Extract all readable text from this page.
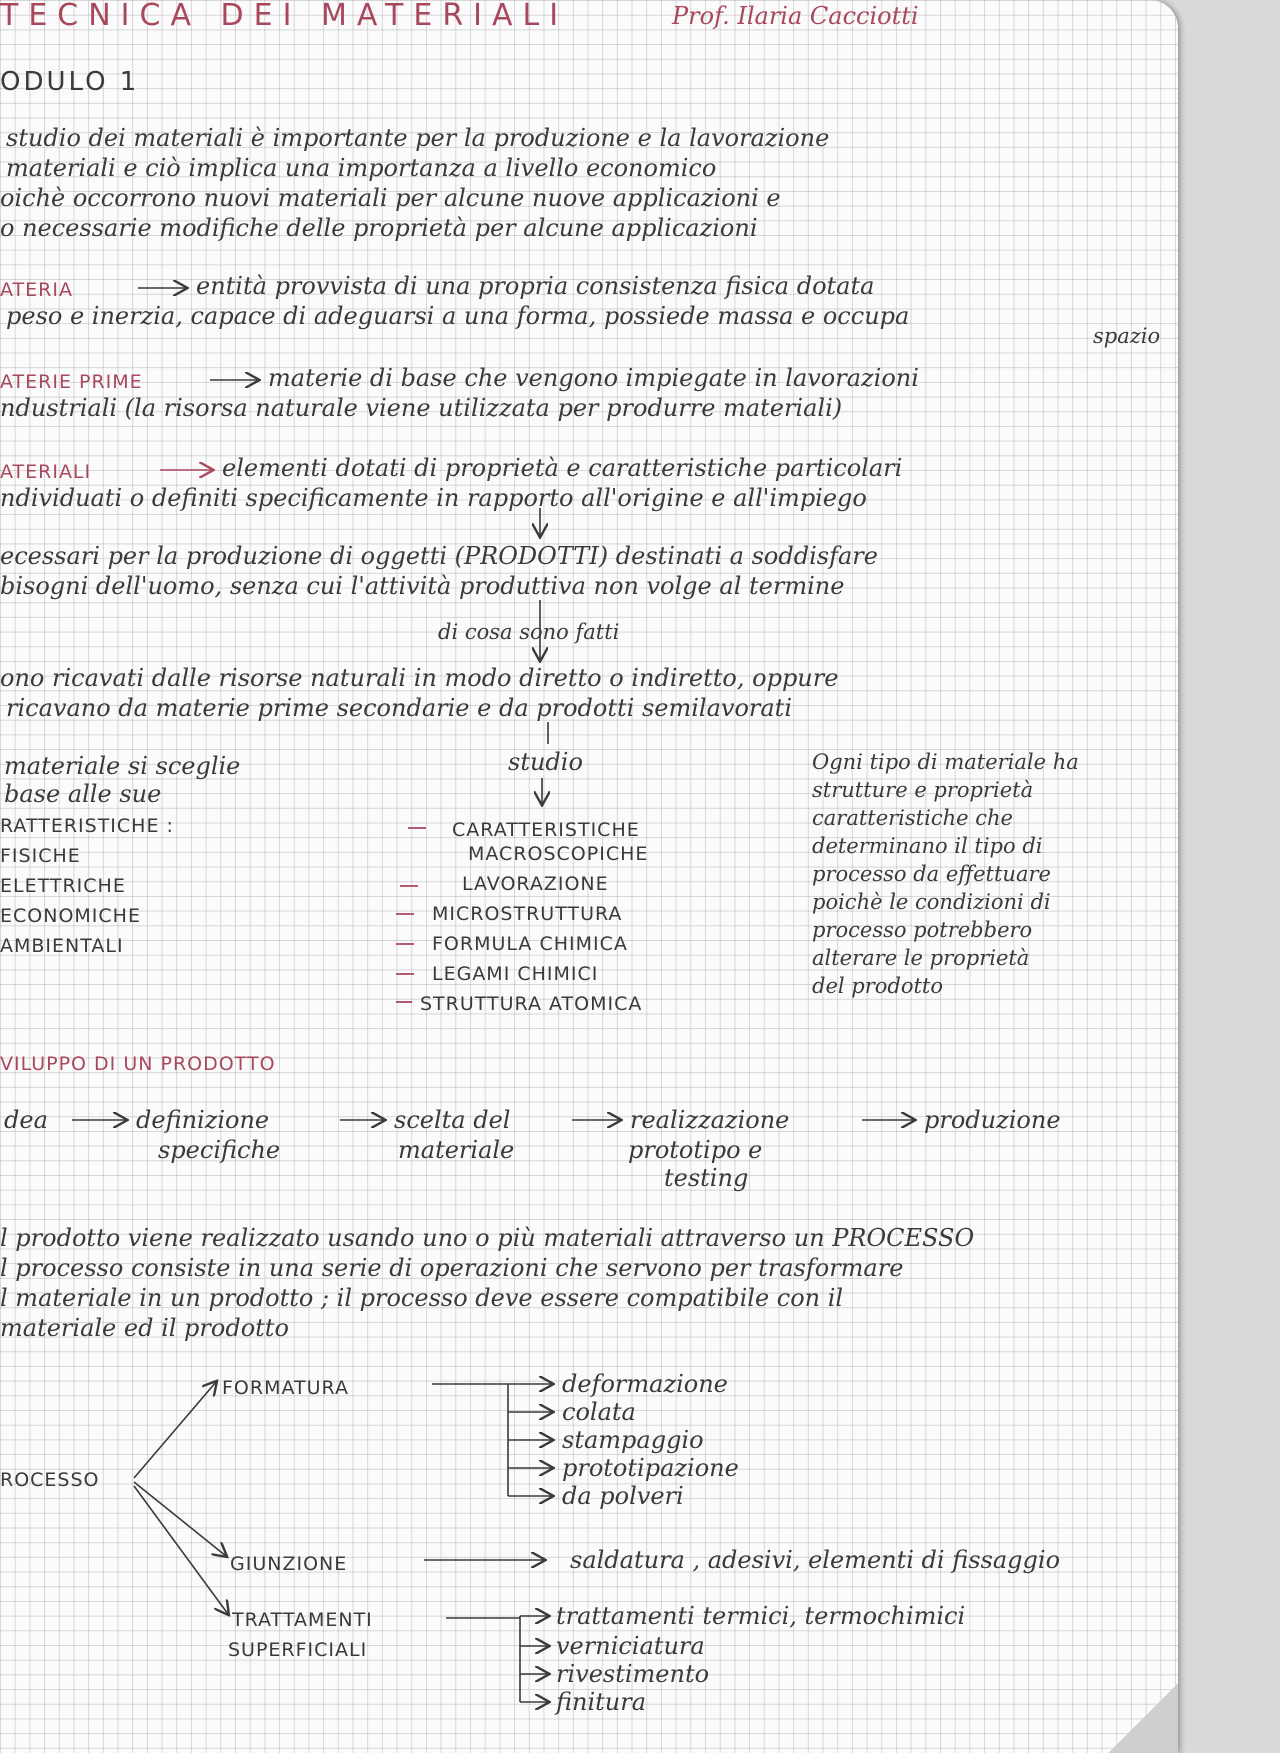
TECNICA DEI MATERIALI	Prof. Ilaria Cacciotti
ODULO 1
studio dei materiali è importante per la produzione e la lavorazione
materiali e ciò implica una importanza a livello economico
oichè occorrono nuovi materiali per alcune nuove applicazioni e
o necessarie modifiche delle proprietà per alcune applicazioni
ATERIA	entità provvista di una propria consistenza fisica dotata
peso e inerzia, capace di adeguarsi a una forma, possiede massa e occupa
spazio
ATERIE PRIME	materie di base che vengono impiegate in lavorazioni
ndustriali (la risorsa naturale viene utilizzata per produrre materiali)
ATERIALI	elementi dotati di proprietà e caratteristiche particolari
ndividuati o definiti specificamente in rapporto all'origine e all'impiego
ecessari per la produzione di oggetti (PRODOTTI) destinati a soddisfare
bisogni dell'uomo, senza cui l'attività produttiva non volge al termine
di cosa sono fatti
ono ricavati dalle risorse naturali in modo diretto o indiretto, oppure
ricavano da materie prime secondarie e da prodotti semilavorati
materiale si sceglie
base alle sue
RATTERISTICHE :
FISICHE
ELETTRICHE
ECONOMICHE
AMBIENTALI
studio
CARATTERISTICHE
MACROSCOPICHE
LAVORAZIONE
MICROSTRUTTURA
FORMULA CHIMICA
LEGAMI CHIMICI
STRUTTURA ATOMICA
Ogni tipo di materiale ha
strutture e proprietà
caratteristiche che
determinano il tipo di
processo da effettuare
poichè le condizioni di
processo potrebbero
alterare le proprietà
del prodotto
VILUPPO DI UN PRODOTTO
dea	definizione
specifiche
scelta del
materiale
realizzazione
prototipo e
testing
produzione
l prodotto viene realizzato usando uno o più materiali attraverso un PROCESSO
l processo consiste in una serie di operazioni che servono per trasformare
l materiale in un prodotto ; il processo deve essere compatibile con il
materiale ed il prodotto
ROCESSO
FORMATURA	deformazione
colata
stampaggio
prototipazione
da polveri
GIUNZIONE	saldatura , adesivi, elementi di fissaggio
TRATTAMENTI
SUPERFICIALI
trattamenti termici, termochimici
verniciatura
rivestimento
finitura
